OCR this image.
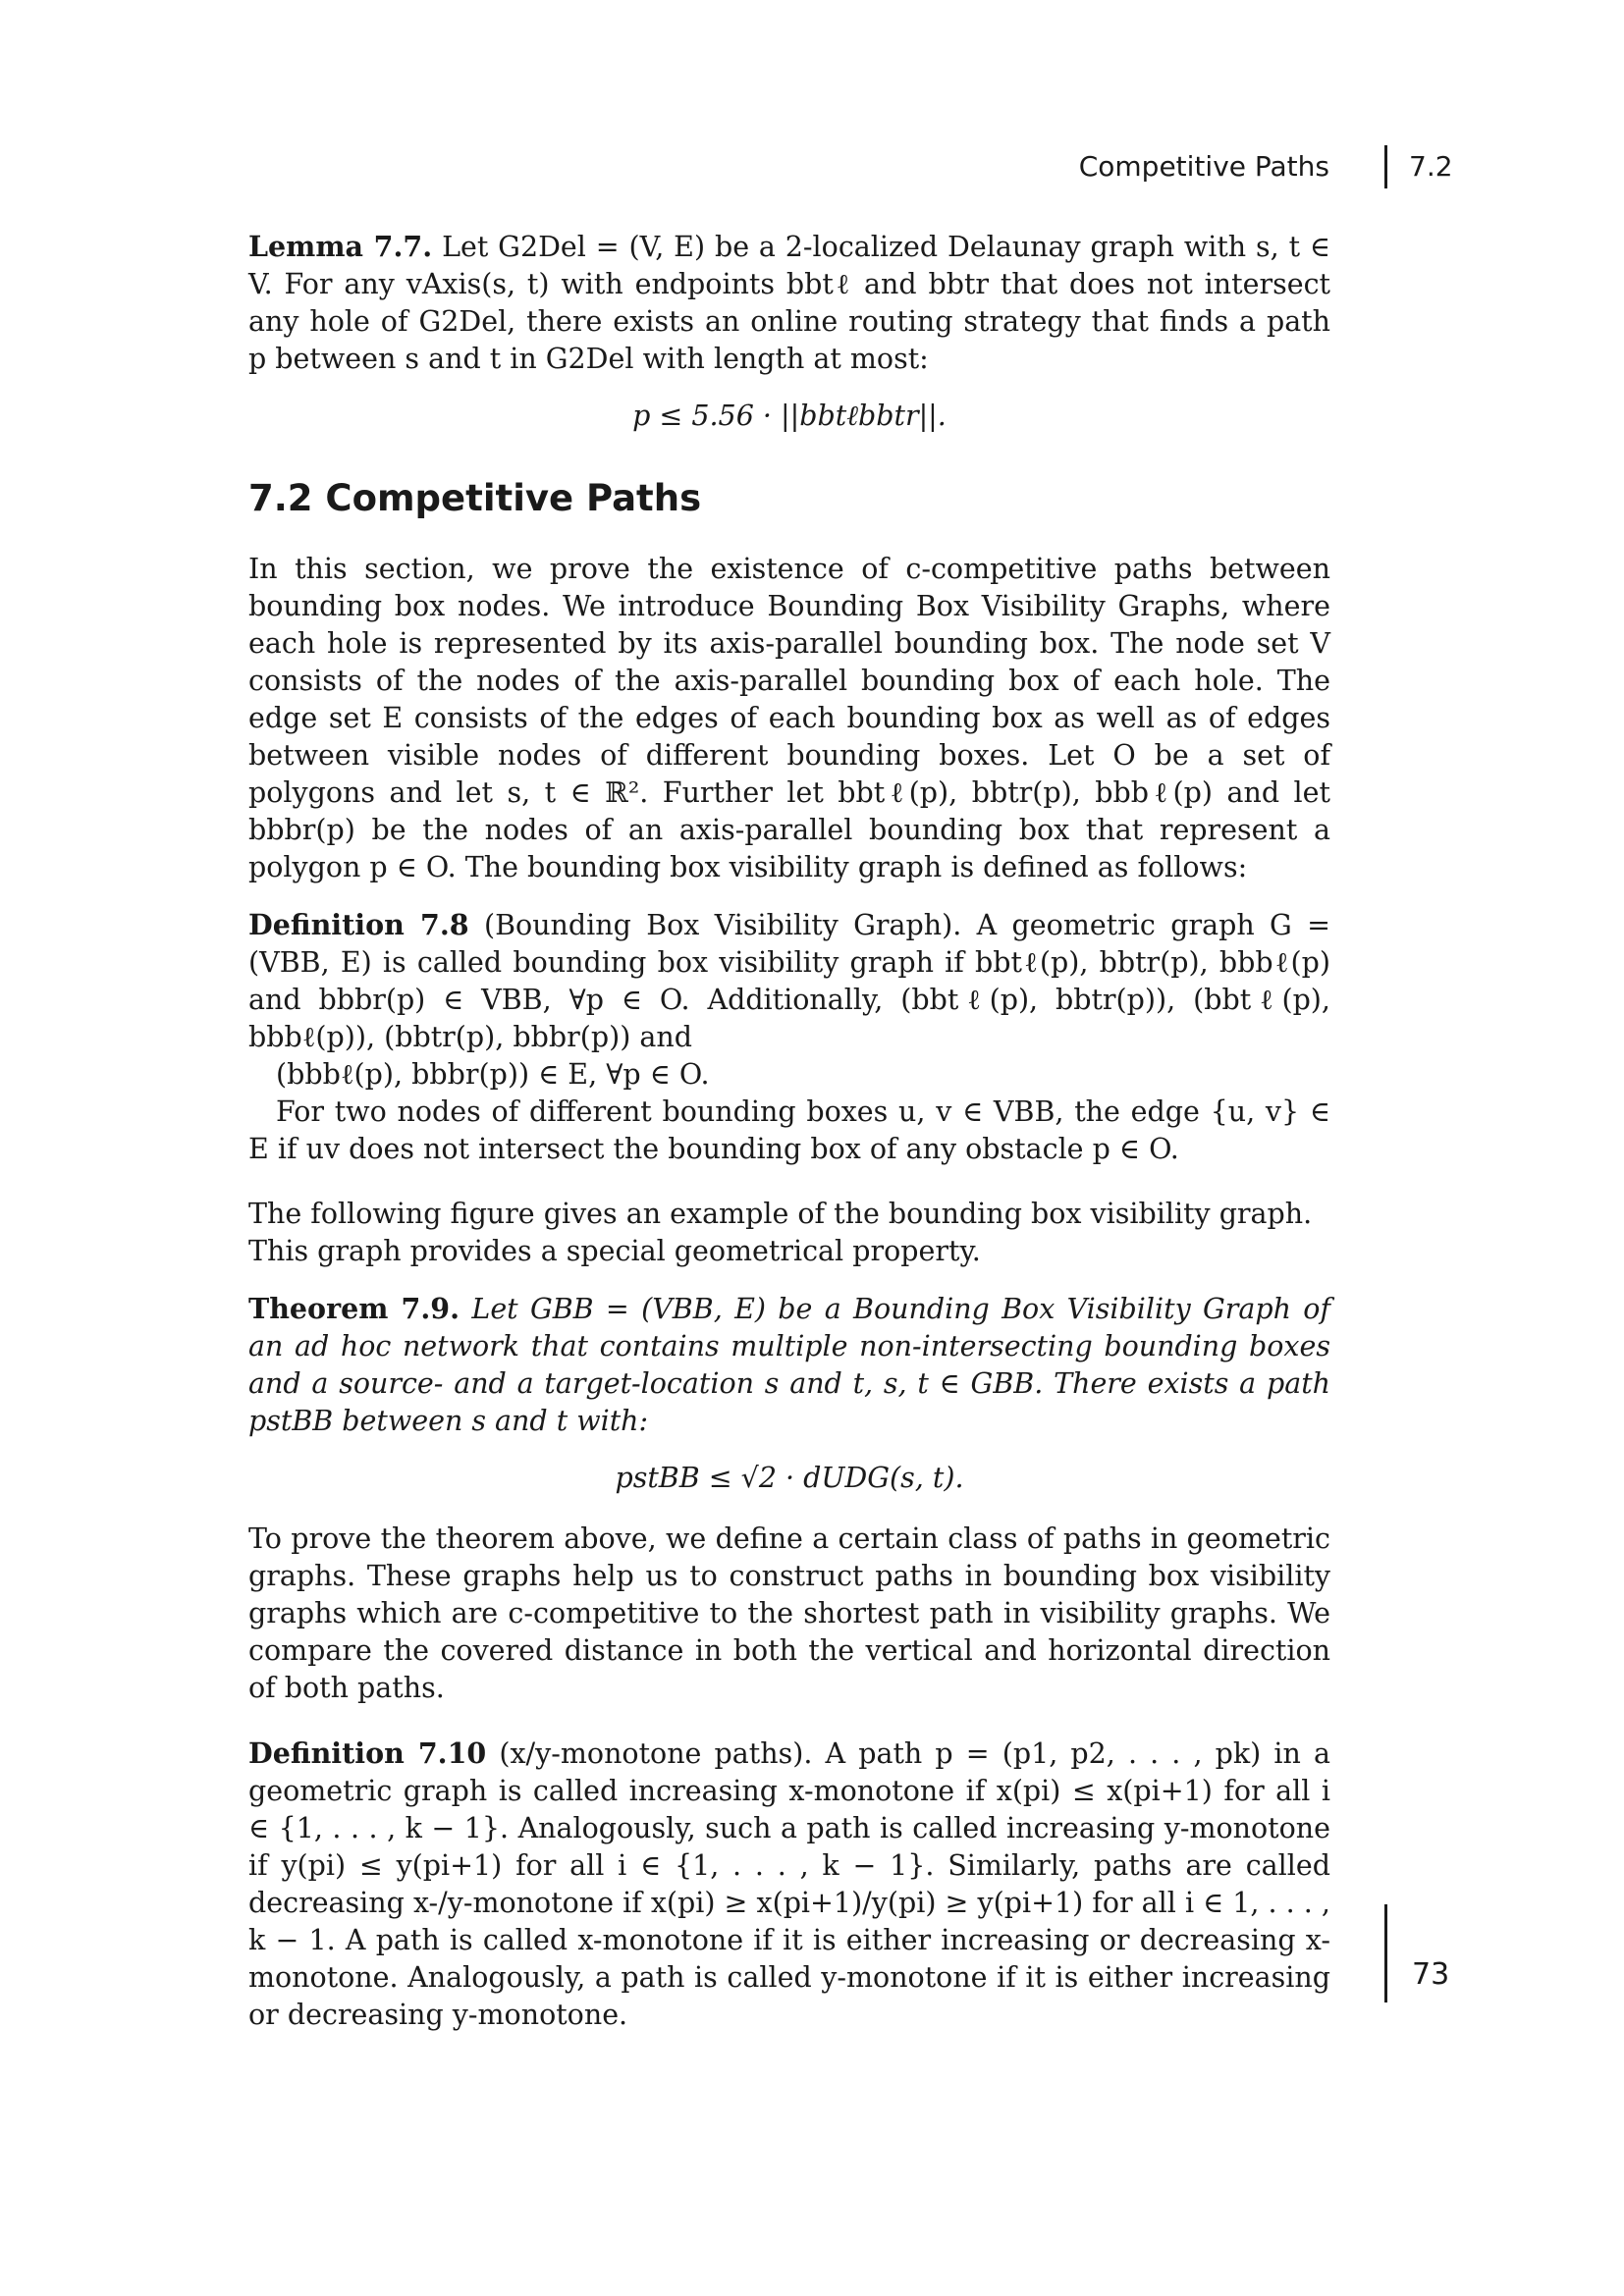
Competitive Paths	7.2

Lemma 7.7. Let G2Del = (V, E) be a 2-localized Delaunay graph with s, t ∈ V. For any vAxis(s, t) with endpoints bbtℓ and bbtr that does not intersect any hole of G2Del, there exists an online routing strategy that finds a path p between s and t in G2Del with length at most:

p ≤ 5.56 · ||bbtℓbbtr||.
7.2 Competitive Paths

In this section, we prove the existence of c-competitive paths between bounding box nodes. We introduce Bounding Box Visibility Graphs, where each hole is represented by its axis-parallel bounding box. The node set V consists of the nodes of the axis-parallel bounding box of each hole. The edge set E consists of the edges of each bounding box as well as of edges between visible nodes of different bounding boxes. Let O be a set of polygons and let s, t ∈ ℝ². Further let bbtℓ(p), bbtr(p), bbbℓ(p) and let bbbr(p) be the nodes of an axis-parallel bounding box that represent a polygon p ∈ O. The bounding box visibility graph is defined as follows:

Definition 7.8 (Bounding Box Visibility Graph). A geometric graph G = (VBB, E) is called bounding box visibility graph if bbtℓ(p), bbtr(p), bbbℓ(p) and bbbr(p) ∈ VBB, ∀p ∈ O. Additionally, (bbtℓ(p), bbtr(p)), (bbtℓ(p), bbbℓ(p)), (bbtr(p), bbbr(p)) and

(bbbℓ(p), bbbr(p)) ∈ E, ∀p ∈ O.

For two nodes of different bounding boxes u, v ∈ VBB, the edge {u, v} ∈ E if uv does not intersect the bounding box of any obstacle p ∈ O.

The following figure gives an example of the bounding box visibility graph.

This graph provides a special geometrical property.

Theorem 7.9. Let GBB = (VBB, E) be a Bounding Box Visibility Graph of an ad hoc network that contains multiple non-intersecting bounding boxes and a source- and a target-location s and t, s, t ∈ GBB. There exists a path pstBB between s and t with:

pstBB ≤ √2 · dUDG(s, t).

To prove the theorem above, we define a certain class of paths in geometric graphs. These graphs help us to construct paths in bounding box visibility graphs which are c-competitive to the shortest path in visibility graphs. We compare the covered distance in both the vertical and horizontal direction of both paths.

Definition 7.10 (x/y-monotone paths). A path p = (p1, p2, . . . , pk) in a geometric graph is called increasing x-monotone if x(pi) ≤ x(pi+1) for all i ∈ {1, . . . , k − 1}. Analogously, such a path is called increasing y-monotone if y(pi) ≤ y(pi+1) for all i ∈ {1, . . . , k − 1}. Similarly, paths are called decreasing x-/y-monotone if x(pi) ≥ x(pi+1)/y(pi) ≥ y(pi+1) for all i ∈ 1, . . . , k − 1. A path is called x-monotone if it is either increasing or decreasing x-monotone. Analogously, a path is called y-monotone if it is either increasing or decreasing y-monotone.

73
